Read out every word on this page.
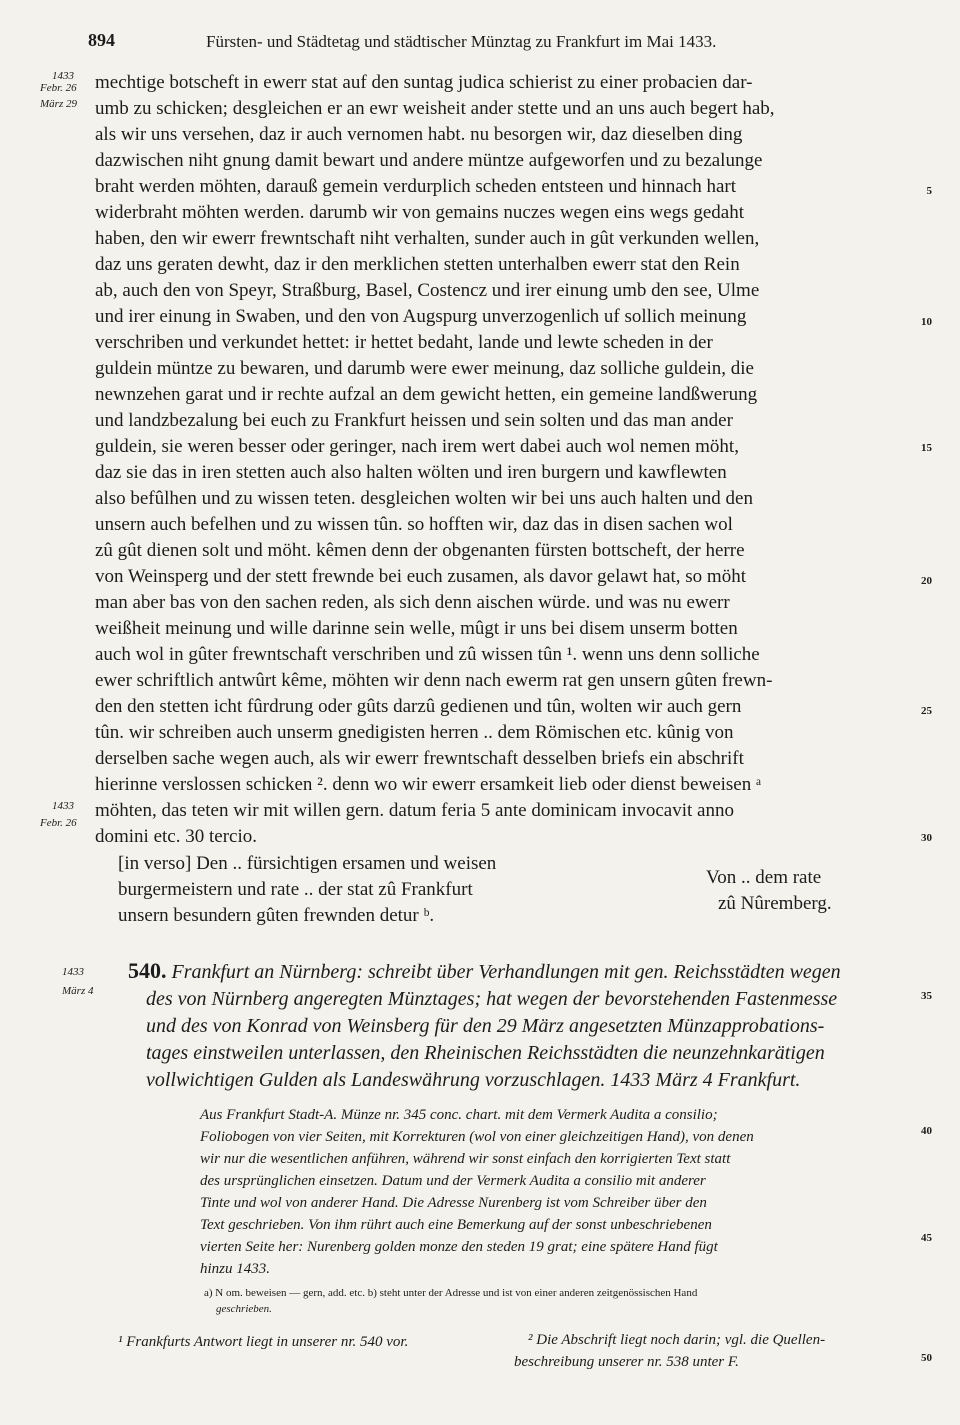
894	Fürsten- und Städtetag und städtischer Münztag zu Frankfurt im Mai 1433.
1433
Febr. 26
März 29
1433
Febr. 26
5
10
15
20
25
30
35
40
45
50
mechtige botscheft in ewerr stat auf den suntag judica schierist zu einer probacien dar-
umb zu schicken; desgleichen er an ewr weisheit ander stette und an uns auch begert hab,
als wir uns versehen, daz ir auch vernomen habt. nu besorgen wir, daz dieselben ding
dazwischen niht gnung damit bewart und andere müntze aufgeworfen und zu bezalunge
braht werden möhten, darauß gemein verdurplich scheden entsteen und hinnach hart
widerbraht möhten werden. darumb wir von gemains nuczes wegen eins wegs gedaht
haben, den wir ewerr frewntschaft niht verhalten, sunder auch in gût verkunden wellen,
daz uns geraten dewht, daz ir den merklichen stetten unterhalben ewerr stat den Rein
ab, auch den von Speyr, Straßburg, Basel, Costencz und irer einung umb den see, Ulme
und irer einung in Swaben, und den von Augspurg unverzogenlich uf sollich meinung
verschriben und verkundet hettet: ir hettet bedaht, lande und lewte scheden in der
guldein müntze zu bewaren, und darumb were ewer meinung, daz solliche guldein, die
newnzehen garat und ir rechte aufzal an dem gewicht hetten, ein gemeine landßwerung
und landzbezalung bei euch zu Frankfurt heissen und sein solten und das man ander
guldein, sie weren besser oder geringer, nach irem wert dabei auch wol nemen möht,
daz sie das in iren stetten auch also halten wölten und iren burgern und kawflewten
also befûlhen und zu wissen teten. desgleichen wolten wir bei uns auch halten und den
unsern auch befelhen und zu wissen tûn. so hofften wir, daz das in disen sachen wol
zû gût dienen solt und möht. kêmen denn der obgenanten fürsten bottscheft, der herre
von Weinsperg und der stett frewnde bei euch zusamen, als davor gelawt hat, so möht
man aber bas von den sachen reden, als sich denn aischen würde. und was nu ewerr
weißheit meinung und wille darinne sein welle, mûgt ir uns bei disem unserm botten
auch wol in gûter frewntschaft verschriben und zû wissen tûn ¹. wenn uns denn solliche
ewer schriftlich antwûrt kême, möhten wir denn nach ewerm rat gen unsern gûten frewn-
den den stetten icht fûrdrung oder gûts darzû gedienen und tûn, wolten wir auch gern
tûn. wir schreiben auch unserm gnedigisten herren .. dem Römischen etc. kûnig von
derselben sache wegen auch, als wir ewerr frewntschaft desselben briefs ein abschrift
hierinne verslossen schicken ². denn wo wir ewerr ersamkeit lieb oder dienst beweisen ᵃ
möhten, das teten wir mit willen gern. datum feria 5 ante dominicam invocavit anno
domini etc. 30 tercio.
[in verso] Den .. fürsichtigen ersamen und weisen
burgermeistern und rate .. der stat zû Frankfurt
unsern besundern gûten frewnden detur ᵇ.
Von .. dem rate
zû Nûremberg.
1433
März 4
540. Frankfurt an Nürnberg: schreibt über Verhandlungen mit gen. Reichsstädten wegen
des von Nürnberg angeregten Münztages; hat wegen der bevorstehenden Fastenmesse
und des von Konrad von Weinsberg für den 29 März angesetzten Münzapprobations-
tages einstweilen unterlassen, den Rheinischen Reichsstädten die neunzehnkarätigen
vollwichtigen Gulden als Landeswährung vorzuschlagen. 1433 März 4 Frankfurt.
Aus Frankfurt Stadt-A. Münze nr. 345 conc. chart. mit dem Vermerk Audita a consilio;
Foliobogen von vier Seiten, mit Korrekturen (wol von einer gleichzeitigen Hand), von denen
wir nur die wesentlichen anführen, während wir sonst einfach den korrigierten Text statt
des ursprünglichen einsetzen. Datum und der Vermerk Audita a consilio mit anderer
Tinte und wol von anderer Hand. Die Adresse Nurenberg ist vom Schreiber über den
Text geschrieben. Von ihm rührt auch eine Bemerkung auf der sonst unbeschriebenen
vierten Seite her: Nurenberg golden monze den steden 19 grat; eine spätere Hand fügt
hinzu 1433.
a) N om. beweisen — gern, add. etc. b) steht unter der Adresse und ist von einer anderen zeitgenössischen Hand
geschrieben.
¹ Frankfurts Antwort liegt in unserer nr. 540 vor.	² Die Abschrift liegt noch darin; vgl. die Quellen-
beschreibung unserer nr. 538 unter F.
